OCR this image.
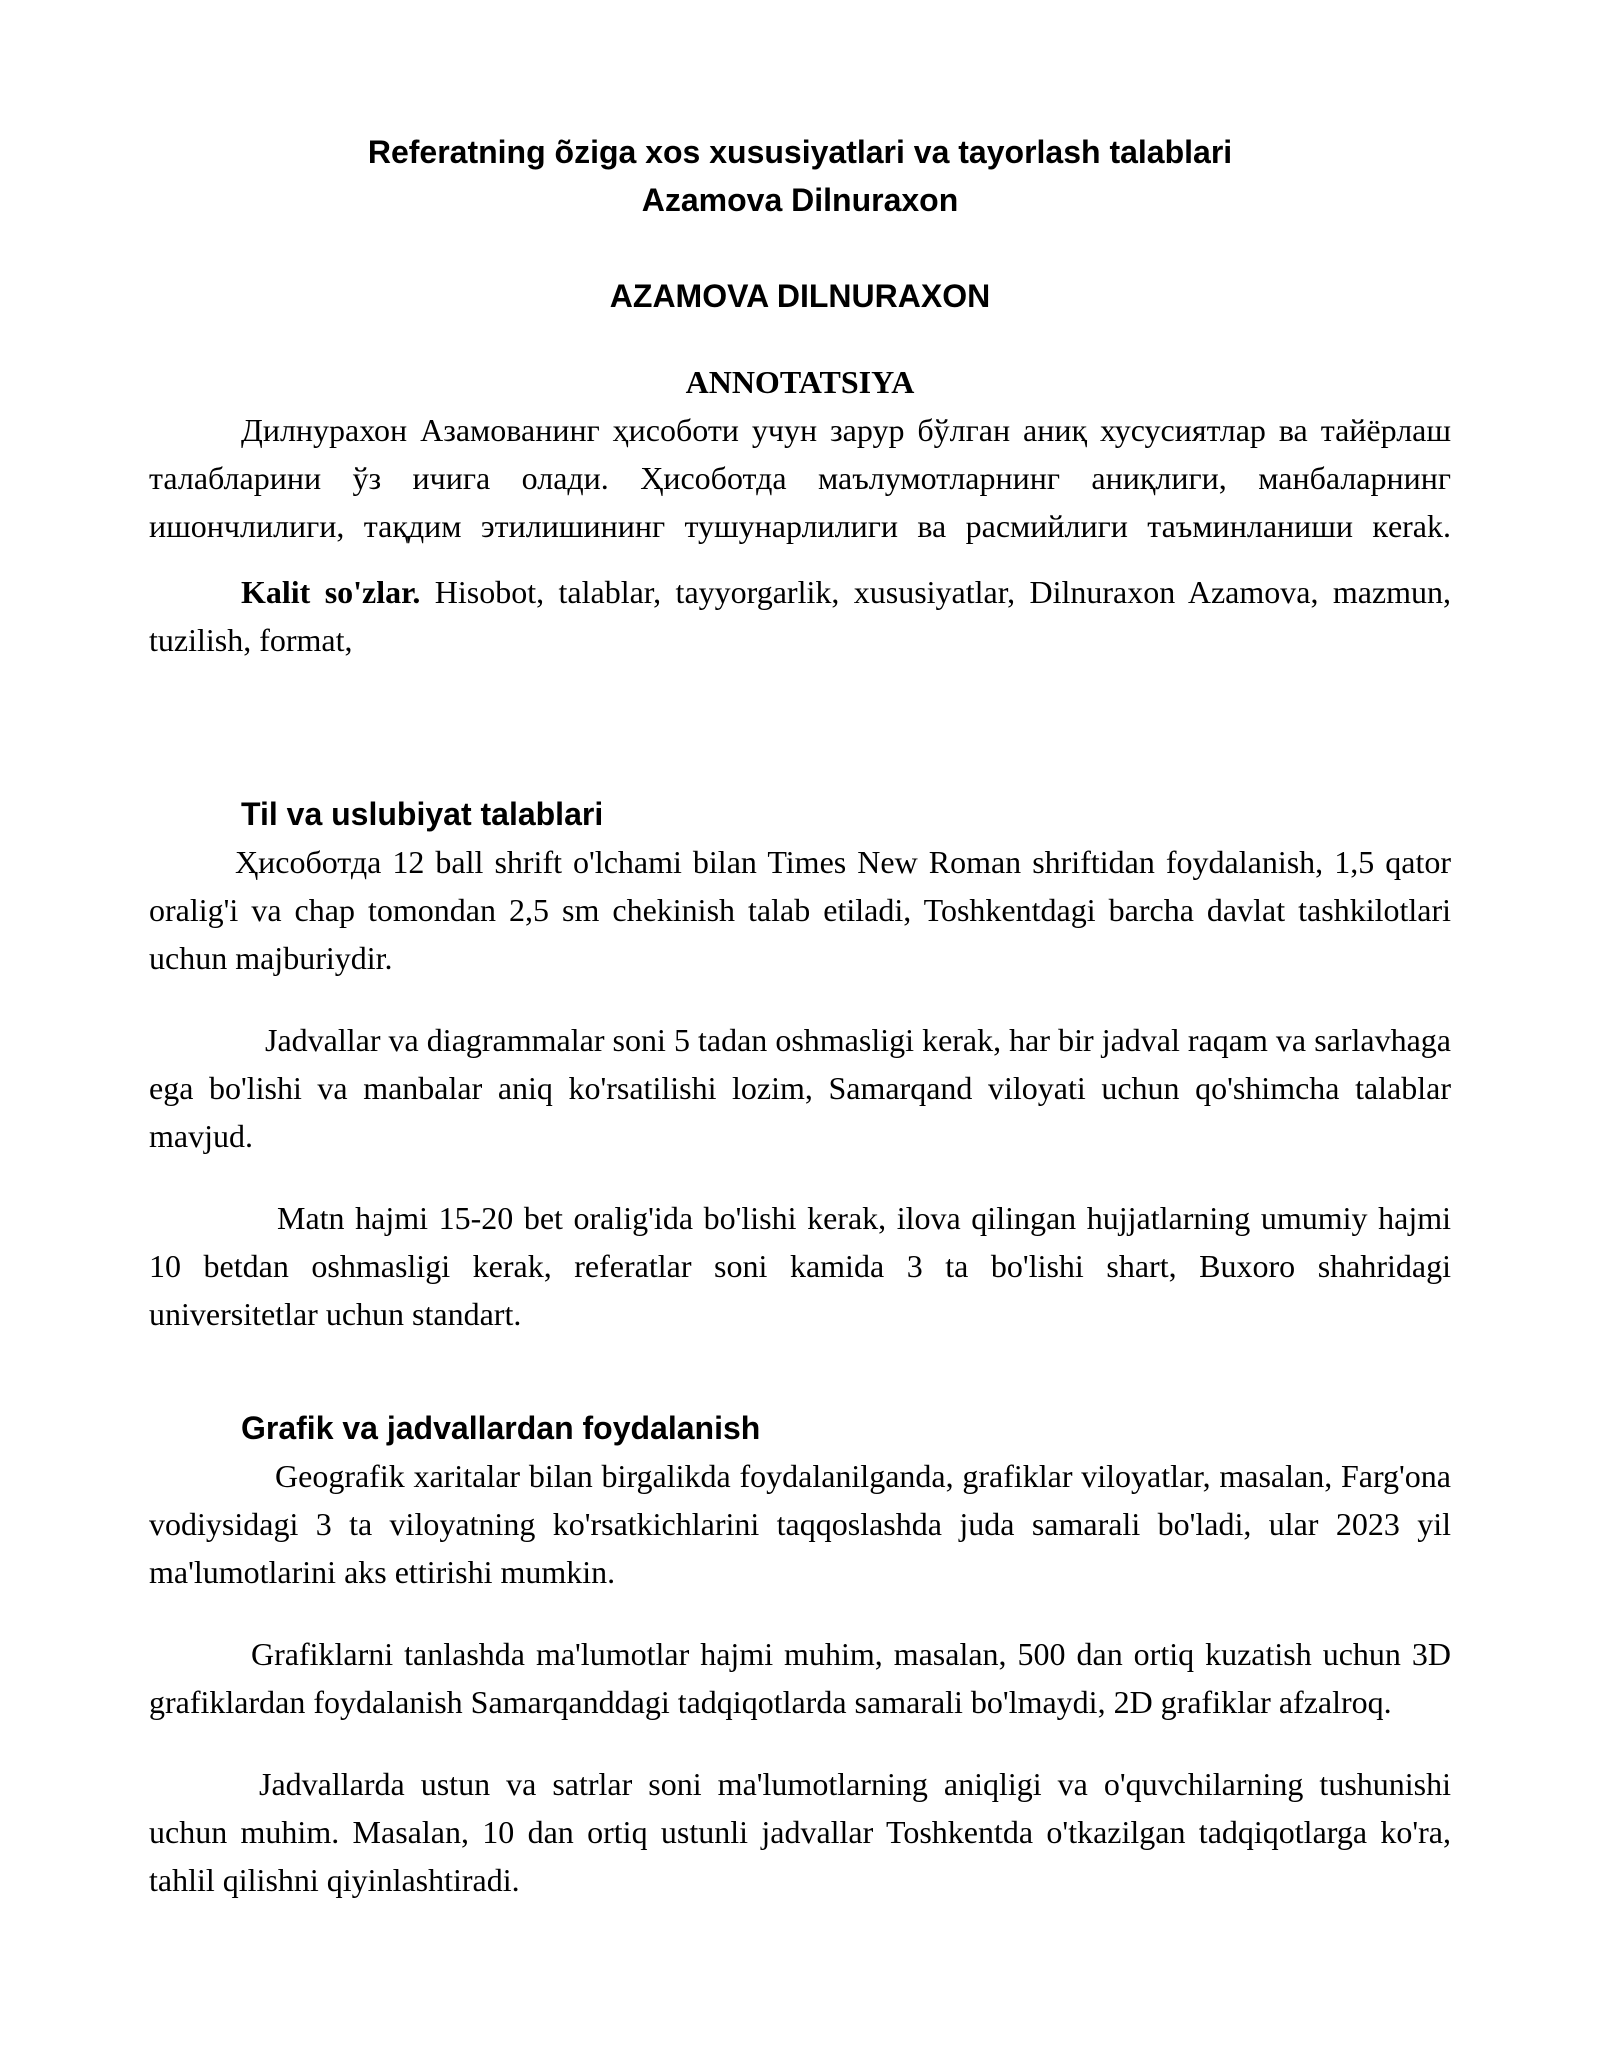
Referatning õziga xos xususiyatlari va tayorlash talablari
Azamova Dilnuraxon
AZAMOVA DILNURAXON
ANNOTATSIYA

Дилнурахон Азамованинг ҳисоботи учун зарур бўлган аниқ хусусиятлар ва тайёрлаш талабларини ўз ичига олади. Ҳисоботда маълумотларнинг аниқлиги, манбаларнинг ишончлилиги, тақдим этилишининг тушунарлилиги ва расмийлиги таъминланиши кerak.

Kalit so'zlar. Hisobot, talablar, tayyorgarlik, xususiyatlar, Dilnuraxon Azamova, mazmun, tuzilish, format,

Til va uslubiyat talablari

Ҳисоботда 12 ball shrift o'lchami bilan Times New Roman shriftidan foydalanish, 1,5 qator oralig'i va chap tomondan 2,5 sm chekinish talab etiladi, Toshkentdagi barcha davlat tashkilotlari uchun majburiydir.

Jadvallar va diagrammalar soni 5 tadan oshmasligi kerak, har bir jadval raqam va sarlavhaga ega bo'lishi va manbalar aniq ko'rsatilishi lozim, Samarqand viloyati uchun qo'shimcha talablar mavjud.

Matn hajmi 15-20 bet oralig'ida bo'lishi kerak, ilova qilingan hujjatlarning umumiy hajmi 10 betdan oshmasligi kerak, referatlar soni kamida 3 ta bo'lishi shart, Buxoro shahridagi universitetlar uchun standart.

Grafik va jadvallardan foydalanish

Geografik xaritalar bilan birgalikda foydalanilganda, grafiklar viloyatlar, masalan, Farg'ona vodiysidagi 3 ta viloyatning ko'rsatkichlarini taqqoslashda juda samarali bo'ladi, ular 2023 yil ma'lumotlarini aks ettirishi mumkin.

Grafiklarni tanlashda ma'lumotlar hajmi muhim, masalan, 500 dan ortiq kuzatish uchun 3D grafiklardan foydalanish Samarqanddagi tadqiqotlarda samarali bo'lmaydi, 2D grafiklar afzalroq.

Jadvallarda ustun va satrlar soni ma'lumotlarning aniqligi va o'quvchilarning tushunishi uchun muhim. Masalan, 10 dan ortiq ustunli jadvallar Toshkentda o'tkazilgan tadqiqotlarga ko'ra, tahlil qilishni qiyinlashtiradi.
